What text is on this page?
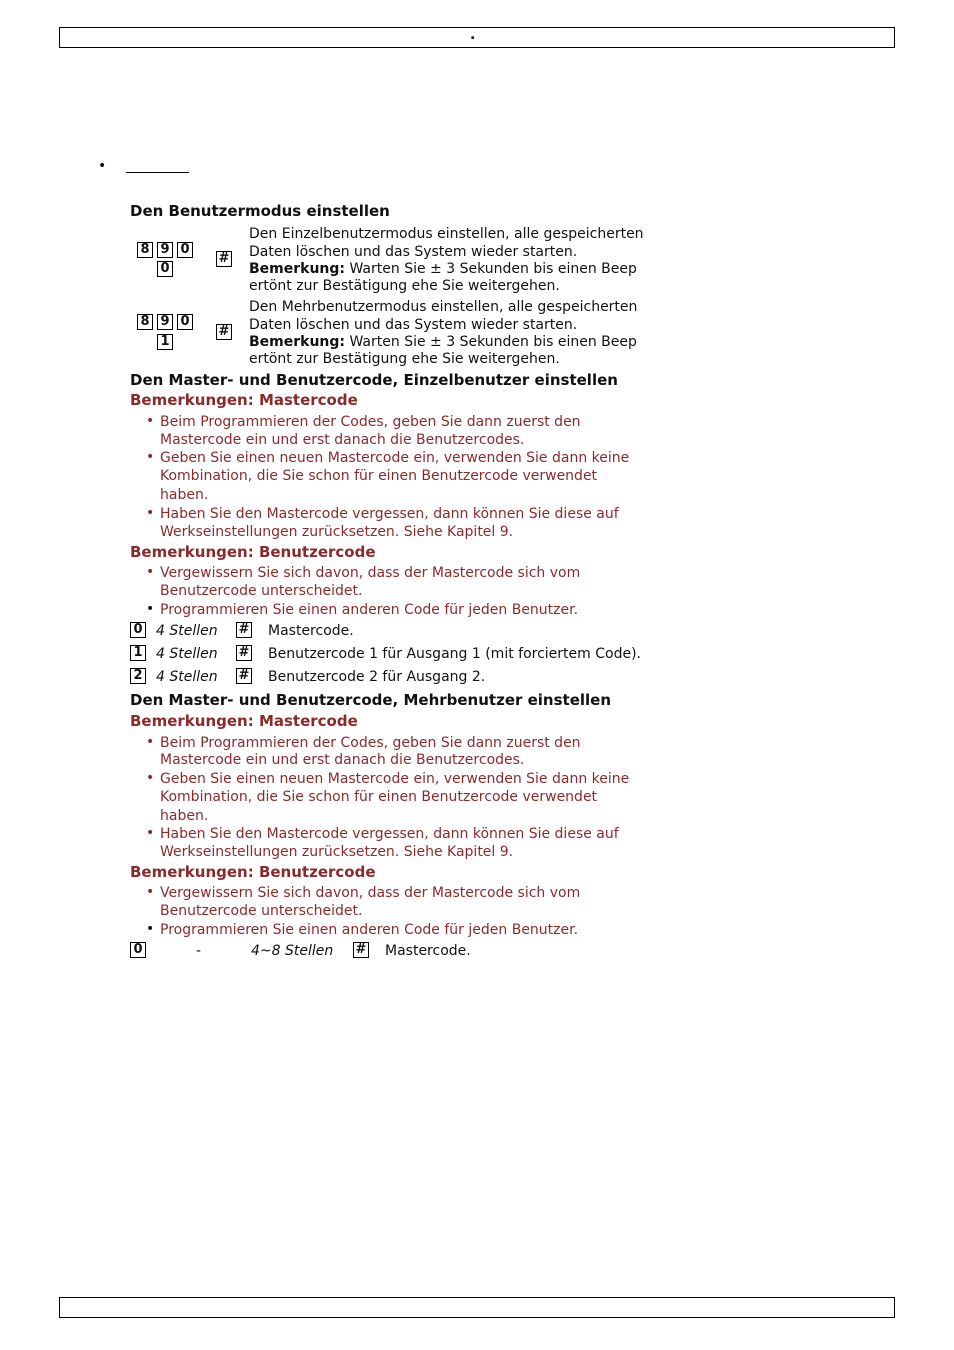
.
•
Den Benutzermodus einstellen
8 9 0
0
#
Den Einzelbenutzermodus einstellen, alle gespeicherten
Daten löschen und das System wieder starten.
Bemerkung: Warten Sie ± 3 Sekunden bis einen Beep
ertönt zur Bestätigung ehe Sie weitergehen.
8 9 0
1
#
Den Mehrbenutzermodus einstellen, alle gespeicherten
Daten löschen und das System wieder starten.
Bemerkung: Warten Sie ± 3 Sekunden bis einen Beep
ertönt zur Bestätigung ehe Sie weitergehen.
Den Master- und Benutzercode, Einzelbenutzer einstellen
Bemerkungen: Mastercode
• Beim Programmieren der Codes, geben Sie dann zuerst den
Mastercode ein und erst danach die Benutzercodes.
• Geben Sie einen neuen Mastercode ein, verwenden Sie dann keine
Kombination, die Sie schon für einen Benutzercode verwendet
haben.
• Haben Sie den Mastercode vergessen, dann können Sie diese auf
Werkseinstellungen zurücksetzen. Siehe Kapitel 9.
Bemerkungen: Benutzercode
• Vergewissern Sie sich davon, dass der Mastercode sich vom
Benutzercode unterscheidet.
• Programmieren Sie einen anderen Code für jeden Benutzer.
0 4 Stellen # Mastercode.
1 4 Stellen # Benutzercode 1 für Ausgang 1 (mit forciertem Code).
2 4 Stellen # Benutzercode 2 für Ausgang 2.
Den Master- und Benutzercode, Mehrbenutzer einstellen
Bemerkungen: Mastercode
• Beim Programmieren der Codes, geben Sie dann zuerst den
Mastercode ein und erst danach die Benutzercodes.
• Geben Sie einen neuen Mastercode ein, verwenden Sie dann keine
Kombination, die Sie schon für einen Benutzercode verwendet
haben.
• Haben Sie den Mastercode vergessen, dann können Sie diese auf
Werkseinstellungen zurücksetzen. Siehe Kapitel 9.
Bemerkungen: Benutzercode
• Vergewissern Sie sich davon, dass der Mastercode sich vom
Benutzercode unterscheidet.
• Programmieren Sie einen anderen Code für jeden Benutzer.
0	-	4~8 Stellen # Mastercode.
